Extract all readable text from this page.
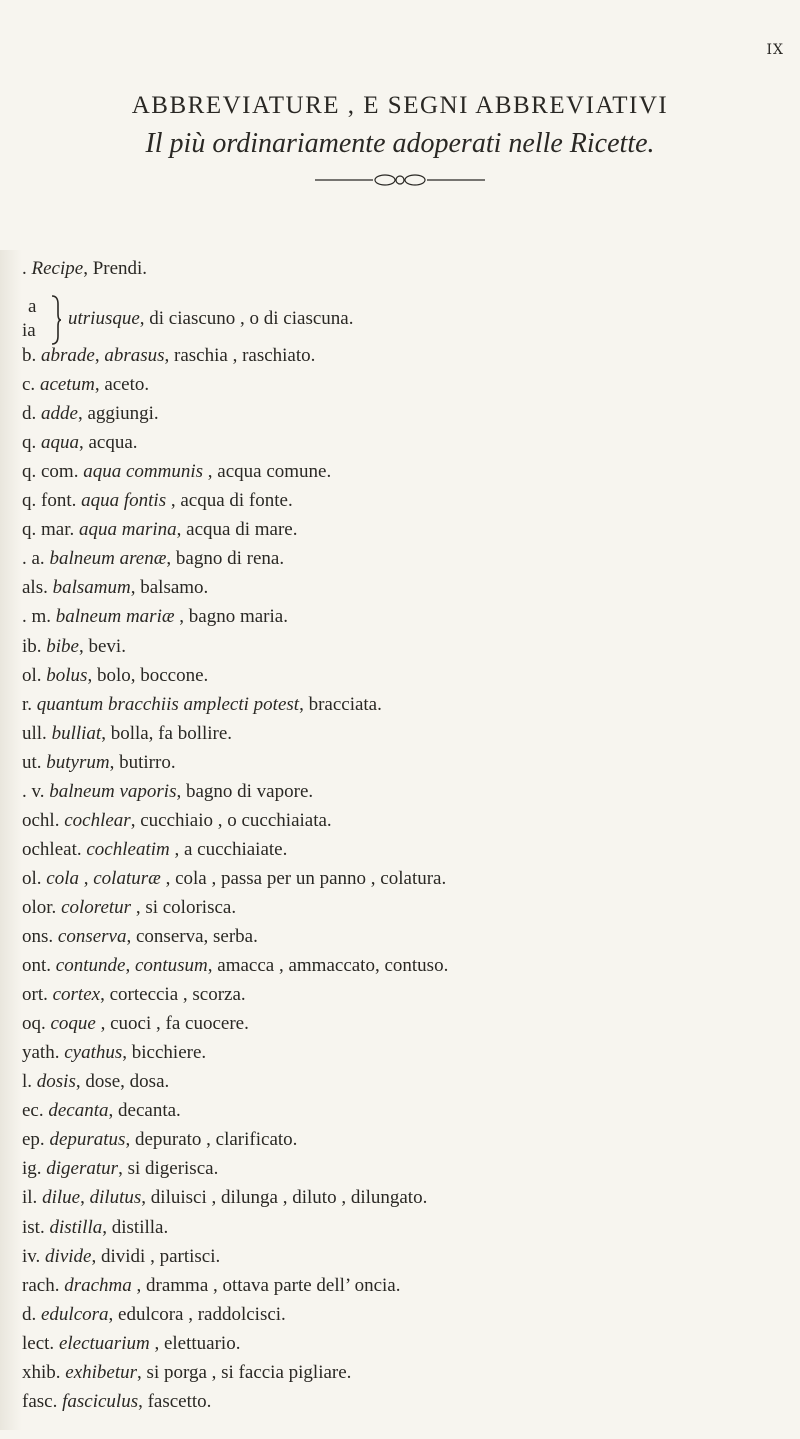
IX
ABBREVIATURE , E SEGNI ABBREVIATIVI
Il più ordinariamente adoperati nelle Ricette.
a
ia
utriusque, di ciascuno , o di ciascuna.
. Recipe, Prendi.
b. abrade, abrasus, raschia , raschiato.
c. acetum, aceto.
d. adde, aggiungi.
q. aqua, acqua.
q. com. aqua communis , acqua comune.
q. font. aqua fontis , acqua di fonte.
q. mar. aqua marina, acqua di mare.
. a. balneum arenæ, bagno di rena.
als. balsamum, balsamo.
. m. balneum mariæ , bagno maria.
ib. bibe, bevi.
ol. bolus, bolo, boccone.
r. quantum bracchiis amplecti potest, bracciata.
ull. bulliat, bolla, fa bollire.
ut. butyrum, butirro.
. v. balneum vaporis, bagno di vapore.
ochl. cochlear, cucchiaio , o cucchiaiata.
ochleat. cochleatim , a cucchiaiate.
ol. cola , colaturæ , cola , passa per un panno , colatura.
olor. coloretur , si colorisca.
ons. conserva, conserva, serba.
ont. contunde, contusum, amacca , ammaccato, contuso.
ort. cortex, corteccia , scorza.
oq. coque , cuoci , fa cuocere.
yath. cyathus, bicchiere.
l. dosis, dose, dosa.
ec. decanta, decanta.
ep. depuratus, depurato , clarificato.
ig. digeratur, si digerisca.
il. dilue, dilutus, diluisci , dilunga , diluto , dilungato.
ist. distilla, distilla.
iv. divide, dividi , partisci.
rach. drachma , dramma , ottava parte dell’ oncia.
d. edulcora, edulcora , raddolcisci.
lect. electuarium , elettuario.
xhib. exhibetur, si porga , si faccia pigliare.
fasc. fasciculus, fascetto.
